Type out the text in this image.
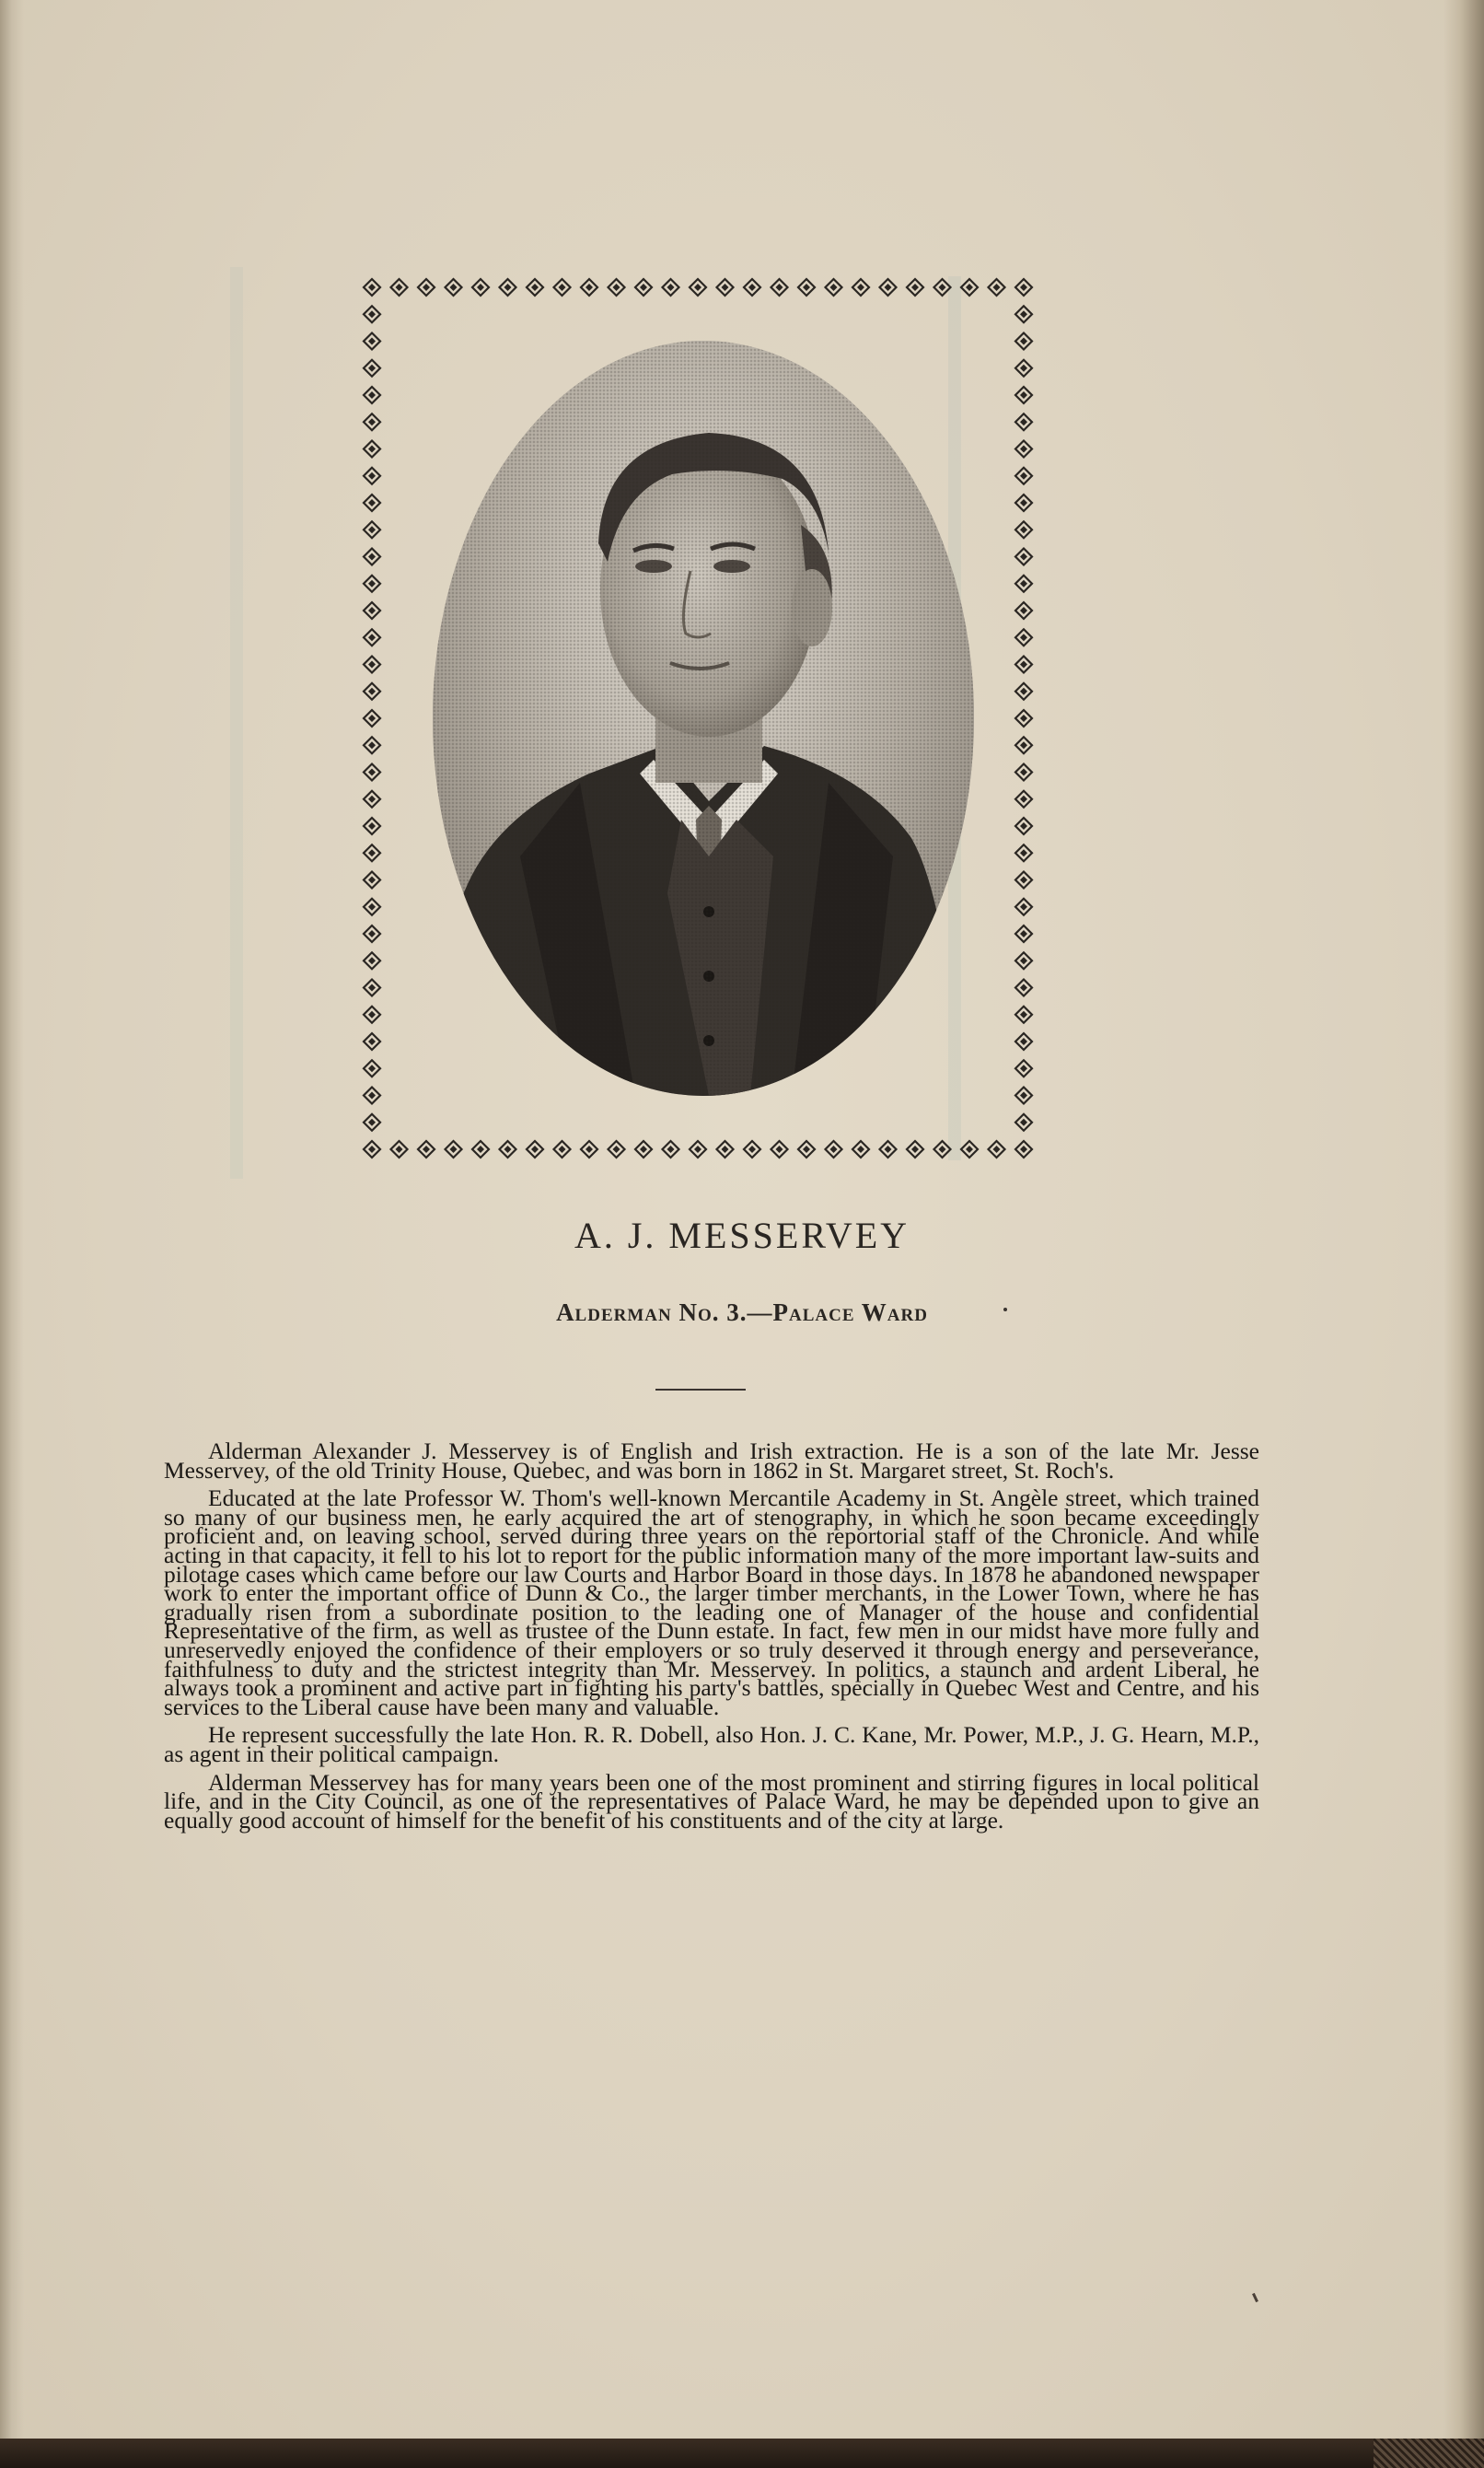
A. J. MESSERVEY
Alderman No. 3.—Palace Ward

Alderman Alexander J. Messervey is of English and Irish extraction. He is a son of the late Mr. Jesse Messervey, of the old Trinity House, Quebec, and was born in 1862 in St. Margaret street, St. Roch's.

Educated at the late Professor W. Thom's well-known Mercantile Academy in St. Angèle street, which trained so many of our business men, he early acquired the art of stenography, in which he soon became exceedingly proficient and, on leaving school, served during three years on the reportorial staff of the Chronicle. And while acting in that capacity, it fell to his lot to report for the public information many of the more important law-suits and pilotage cases which came before our law Courts and Harbor Board in those days. In 1878 he abandoned newspaper work to enter the important office of Dunn & Co., the larger timber merchants, in the Lower Town, where he has gradually risen from a subordinate position to the leading one of Manager of the house and confidential Representative of the firm, as well as trustee of the Dunn estate. In fact, few men in our midst have more fully and unreservedly enjoyed the confidence of their employers or so truly deserved it through energy and perseverance, faithfulness to duty and the strictest integrity than Mr. Messervey. In politics, a staunch and ardent Liberal, he always took a prominent and active part in fighting his party's battles, specially in Quebec West and Centre, and his services to the Liberal cause have been many and valuable.

He represent successfully the late Hon. R. R. Dobell, also Hon. J. C. Kane, Mr. Power, M.P., J. G. Hearn, M.P., as agent in their political campaign.

Alderman Messervey has for many years been one of the most prominent and stirring figures in local political life, and in the City Council, as one of the representatives of Palace Ward, he may be depended upon to give an equally good account of himself for the benefit of his constituents and of the city at large.
